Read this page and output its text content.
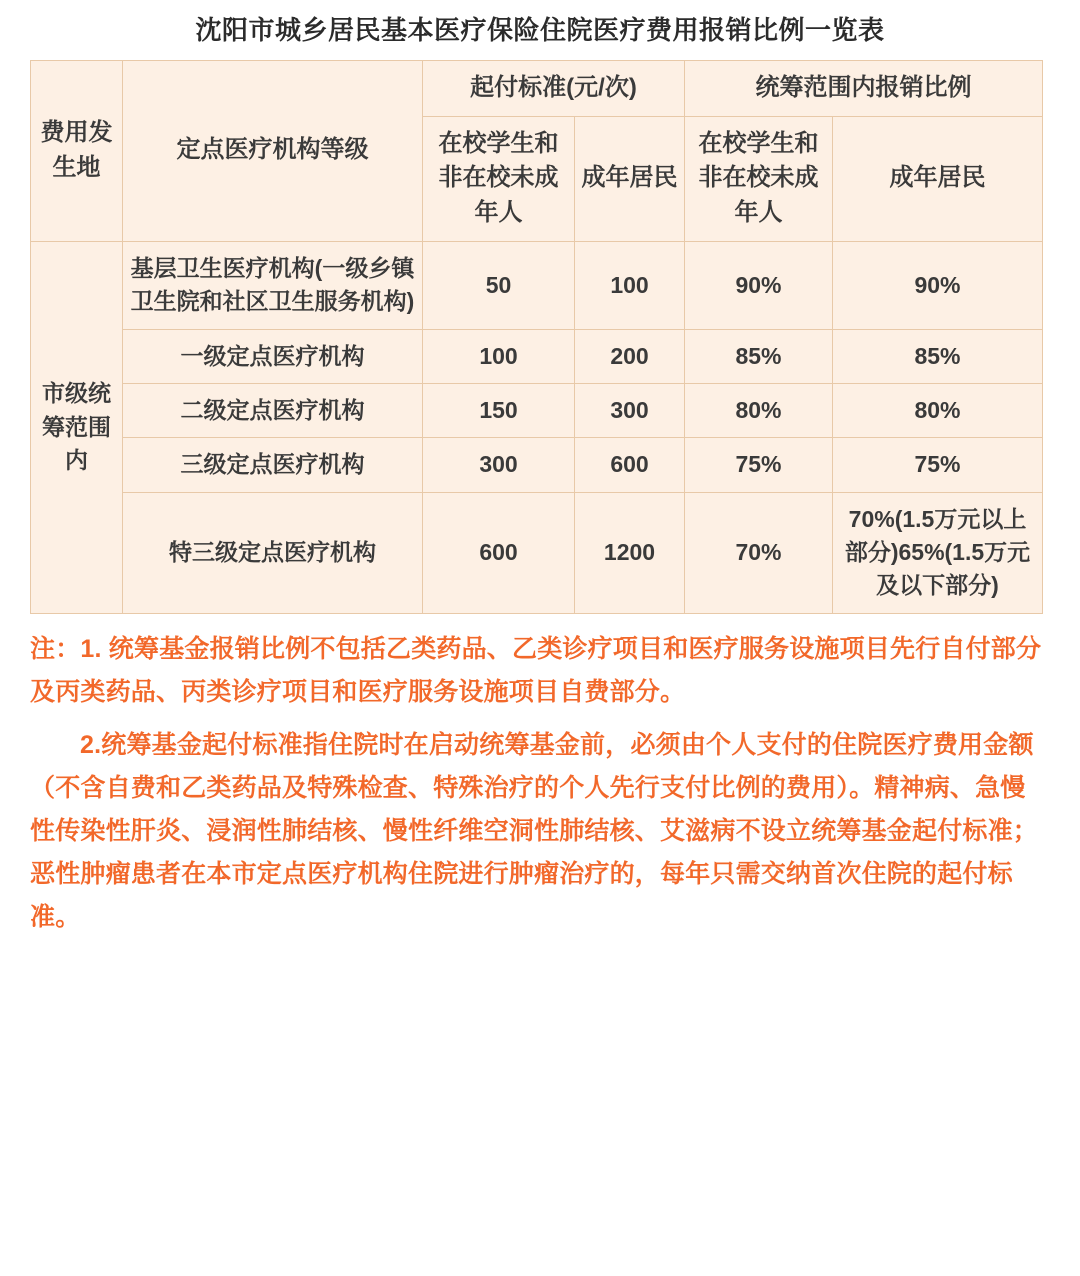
沈阳市城乡居民基本医疗保险住院医疗费用报销比例一览表
费用发生地	定点医疗机构等级	起付标准(元/次)		统筹范围内报销比例	
		在校学生和非在校未成年人	成年居民	在校学生和非在校未成年人	成年居民
市级统筹范围内	基层卫生医疗机构(一级乡镇卫生院和社区卫生服务机构)	50	100	90%	90%
	一级定点医疗机构	100	200	85%	85%
	二级定点医疗机构	150	300	80%	80%
	三级定点医疗机构	300	600	75%	75%
	特三级定点医疗机构	600	1200	70%	70%(1.5万元以上部分)65%(1.5万元及以下部分)

注：1. 统筹基金报销比例不包括乙类药品、乙类诊疗项目和医疗服务设施项目先行自付部分及丙类药品、丙类诊疗项目和医疗服务设施项目自费部分。

2.统筹基金起付标准指住院时在启动统筹基金前，必须由个人支付的住院医疗费用金额（不含自费和乙类药品及特殊检查、特殊治疗的个人先行支付比例的费用）。精神病、急慢性传染性肝炎、浸润性肺结核、慢性纤维空洞性肺结核、艾滋病不设立统筹基金起付标准；恶性肿瘤患者在本市定点医疗机构住院进行肿瘤治疗的，每年只需交纳首次住院的起付标准。
